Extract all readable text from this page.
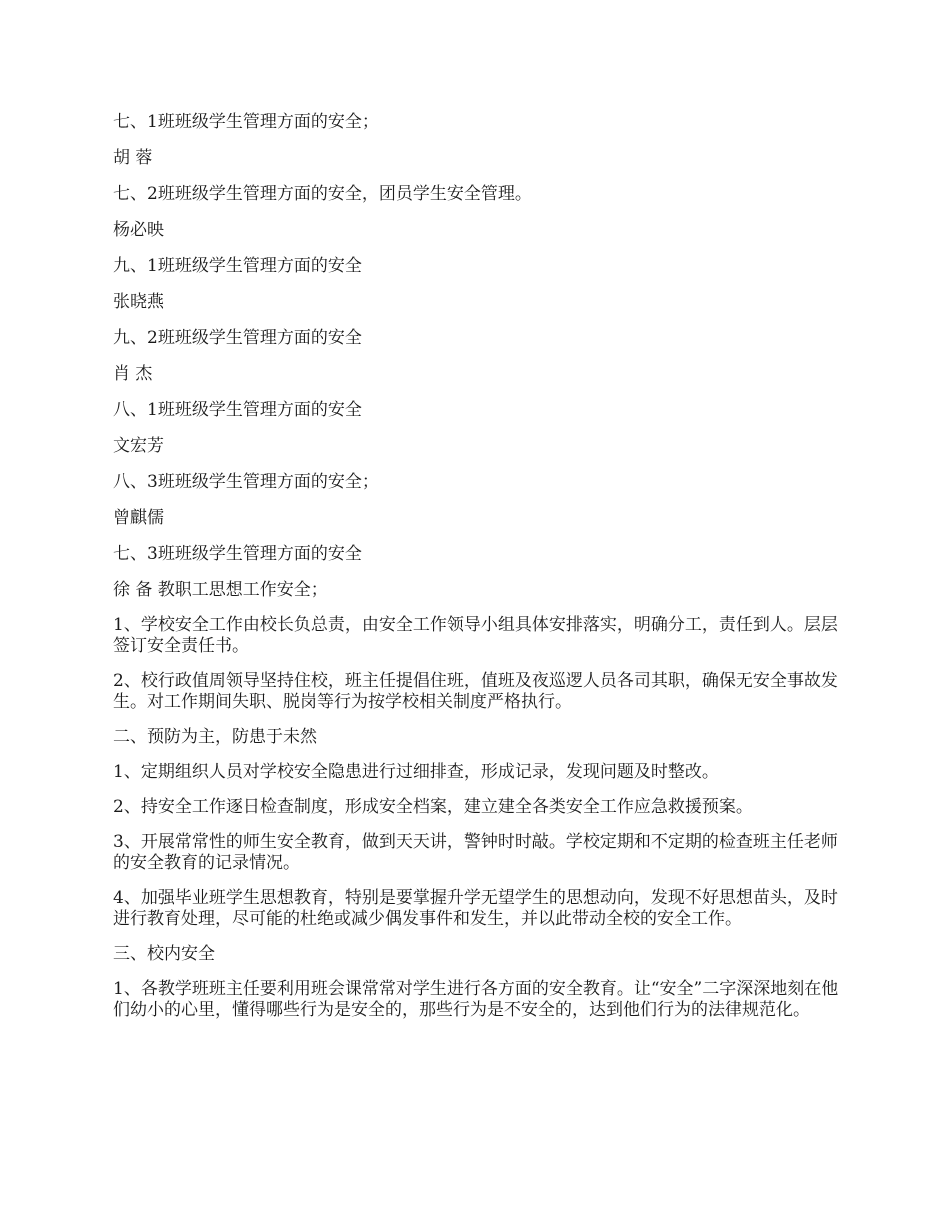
七、1班班级学生管理方面的安全；

胡 蓉

七、2班班级学生管理方面的安全，团员学生安全管理。

杨必映

九、1班班级学生管理方面的安全

张晓燕

九、2班班级学生管理方面的安全

肖 杰

八、1班班级学生管理方面的安全

文宏芳

八、3班班级学生管理方面的安全；

曾麒儒

七、3班班级学生管理方面的安全

徐 备 教职工思想工作安全；

1、学校安全工作由校长负总责，由安全工作领导小组具体安排落实，明确分工，责任到人。层层签订安全责任书。

2、校行政值周领导坚持住校，班主任提倡住班，值班及夜巡逻人员各司其职，确保无安全事故发生。对工作期间失职、脱岗等行为按学校相关制度严格执行。

二、预防为主，防患于未然

1、定期组织人员对学校安全隐患进行过细排查，形成记录，发现问题及时整改。

2、持安全工作逐日检查制度，形成安全档案，建立建全各类安全工作应急救援预案。

3、开展常常性的师生安全教育，做到天天讲，警钟时时敲。学校定期和不定期的检查班主任老师的安全教育的记录情况。

4、加强毕业班学生思想教育，特别是要掌握升学无望学生的思想动向，发现不好思想苗头，及时进行教育处理，尽可能的杜绝或减少偶发事件和发生，并以此带动全校的安全工作。

三、校内安全

1、各教学班班主任要利用班会课常常对学生进行各方面的安全教育。让“安全”二字深深地刻在他们幼小的心里，懂得哪些行为是安全的，那些行为是不安全的，达到他们行为的法律规范化。
